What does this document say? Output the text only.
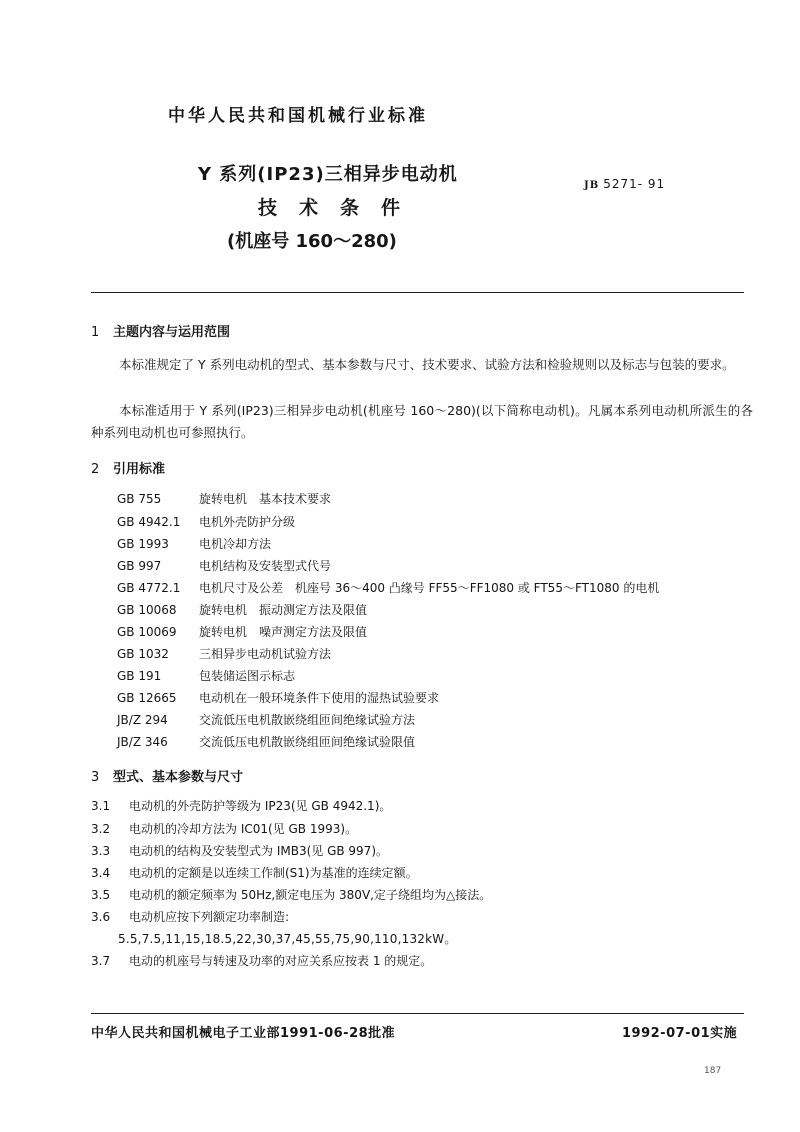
中华人民共和国机械行业标准
Y 系列(IP23)三相异步电动机
技术条件
(机座号 160～280)
JB 5271- 91
1 主题内容与运用范围
本标准规定了 Y 系列电动机的型式、基本参数与尺寸、技术要求、试验方法和检验规则以及标志与包装的要求。
本标准适用于 Y 系列(IP23)三相异步电动机(机座号 160～280)(以下简称电动机)。凡属本系列电动机所派生的各种系列电动机也可参照执行。
2 引用标准
GB 755	旋转电机　基本技术要求
GB 4942.1 电机外壳防护分级
GB 1993	电机冷却方法
GB 997	电机结构及安装型式代号
GB 4772.1 电机尺寸及公差　机座号 36～400 凸缘号 FF55～FF1080 或 FT55～FT1080 的电机
GB 10068 旋转电机　振动测定方法及限值
GB 10069 旋转电机　噪声测定方法及限值
GB 1032	三相异步电动机试验方法
GB 191	包装储运图示标志
GB 12665 电动机在一般环境条件下使用的湿热试验要求
JB/Z 294	交流低压电机散嵌绕组匝间绝缘试验方法
JB/Z 346	交流低压电机散嵌绕组匝间绝缘试验限值
3 型式、基本参数与尺寸
3.1 电动机的外壳防护等级为 IP23(见 GB 4942.1)。
3.2 电动机的冷却方法为 IC01(见 GB 1993)。
3.3 电动机的结构及安装型式为 IMB3(见 GB 997)。
3.4 电动机的定额是以连续工作制(S1)为基准的连续定额。
3.5 电动机的额定频率为 50Hz,额定电压为 380V,定子绕组均为△接法。
3.6 电动机应按下列额定功率制造:
5.5,7.5,11,15,18.5,22,30,37,45,55,75,90,110,132kW。
3.7 电动的机座号与转速及功率的对应关系应按表 1 的规定。
中华人民共和国机械电子工业部1991-06-28批准	1992-07-01实施
187
